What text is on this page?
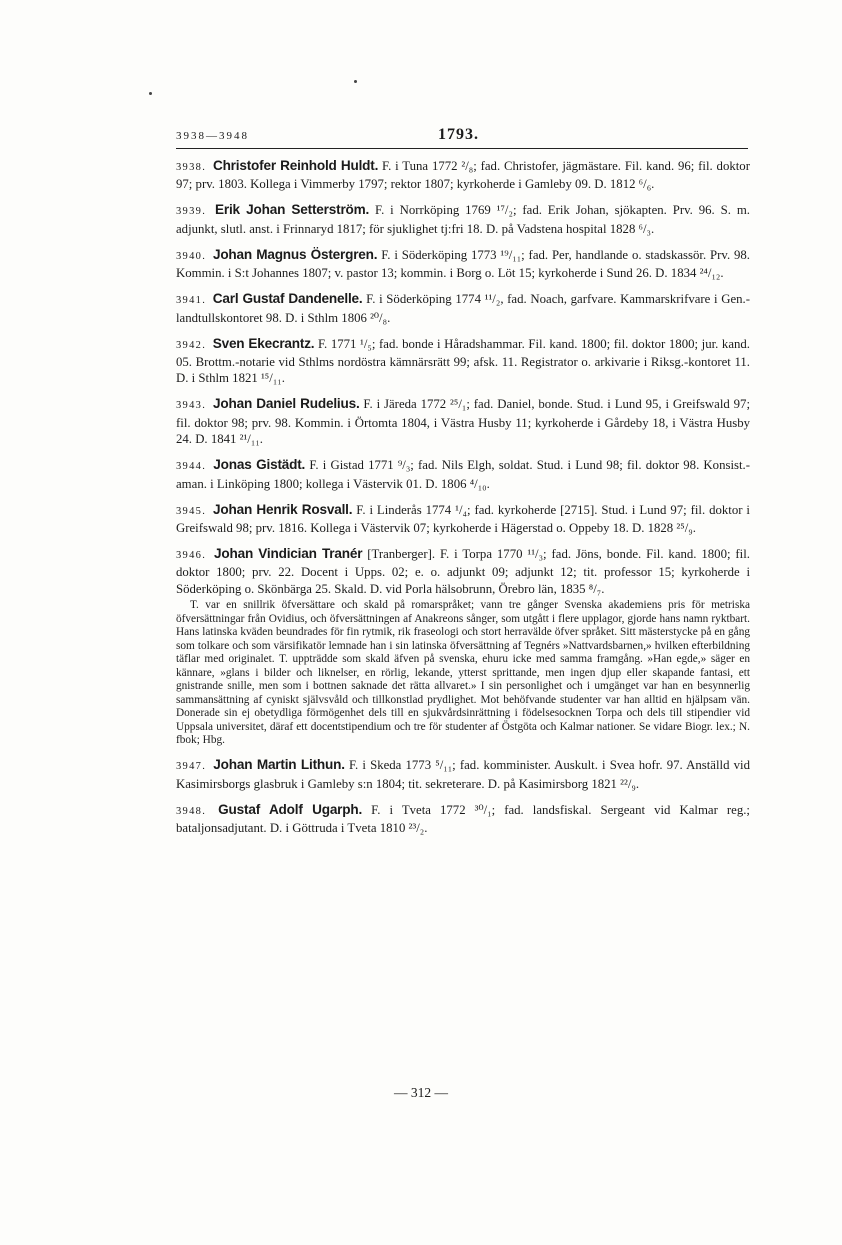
3938—3948	1793.

3938. Christofer Reinhold Huldt. F. i Tuna 1772 ²/₈; fad. Christofer, jägmästare. Fil. kand. 96; fil. doktor 97; prv. 1803. Kollega i Vimmerby 1797; rektor 1807; kyrkoherde i Gamleby 09. D. 1812 ⁶/₆.

3939. Erik Johan Setterström. F. i Norrköping 1769 ¹⁷/₂; fad. Erik Johan, sjökapten. Prv. 96. S. m. adjunkt, slutl. anst. i Frinnaryd 1817; för sjuklighet tj:fri 18. D. på Vadstena hospital 1828 ⁶/₃.

3940. Johan Magnus Östergren. F. i Söderköping 1773 ¹⁹/₁₁; fad. Per, handlande o. stadskassör. Prv. 98. Kommin. i S:t Johannes 1807; v. pastor 13; kommin. i Borg o. Löt 15; kyrkoherde i Sund 26. D. 1834 ²⁴/₁₂.

3941. Carl Gustaf Dandenelle. F. i Söderköping 1774 ¹¹/₂, fad. Noach, garfvare. Kammarskrifvare i Gen.-landtullskontoret 98. D. i Sthlm 1806 ²⁰/₈.

3942. Sven Ekecrantz. F. 1771 ¹/₅; fad. bonde i Håradshammar. Fil. kand. 1800; fil. doktor 1800; jur. kand. 05. Brottm.-notarie vid Sthlms nordöstra kämnärsrätt 99; afsk. 11. Registrator o. arkivarie i Riksg.-kontoret 11. D. i Sthlm 1821 ¹⁵/₁₁.

3943. Johan Daniel Rudelius. F. i Järeda 1772 ²⁵/₁; fad. Daniel, bonde. Stud. i Lund 95, i Greifswald 97; fil. doktor 98; prv. 98. Kommin. i Örtomta 1804, i Västra Husby 11; kyrkoherde i Gårdeby 18, i Västra Husby 24. D. 1841 ²¹/₁₁.

3944. Jonas Gistädt. F. i Gistad 1771 ⁹/₃; fad. Nils Elgh, soldat. Stud. i Lund 98; fil. doktor 98. Konsist.-aman. i Linköping 1800; kollega i Västervik 01. D. 1806 ⁴/₁₀.

3945. Johan Henrik Rosvall. F. i Linderås 1774 ¹/₄; fad. kyrkoherde [2715]. Stud. i Lund 97; fil. doktor i Greifswald 98; prv. 1816. Kollega i Västervik 07; kyrkoherde i Hägerstad o. Oppeby 18. D. 1828 ²⁵/₉.

3946. Johan Vindician Tranér [Tranberger]. F. i Torpa 1770 ¹¹/₃; fad. Jöns, bonde. Fil. kand. 1800; fil. doktor 1800; prv. 22. Docent i Upps. 02; e. o. adjunkt 09; adjunkt 12; tit. professor 15; kyrkoherde i Söderköping o. Skönbärga 25. Skald. D. vid Porla hälsobrunn, Örebro län, 1835 ⁸/₇.

T. var en snillrik öfversättare och skald på romarspråket; vann tre gånger Svenska akademiens pris för metriska öfversättningar från Ovidius, och öfversättningen af Anakreons sånger, som utgått i flere upplagor, gjorde hans namn ryktbart. Hans latinska kväden beundrades för fin rytmik, rik fraseologi och stort herravälde öfver språket. Sitt mästerstycke på en gång som tolkare och som värsifikatör lemnade han i sin latinska öfversättning af Tegnérs »Nattvardsbarnen,» hvilken efterbildning täflar med originalet. T. uppträdde som skald äfven på svenska, ehuru icke med samma framgång. »Han egde,» säger en kännare, »glans i bilder och liknelser, en rörlig, lekande, ytterst sprittande, men ingen djup eller skapande fantasi, ett gnistrande snille, men som i bottnen saknade det rätta allvaret.» I sin personlighet och i umgänget var han en besynnerlig sammansättning af cyniskt självsvåld och tillkonstlad prydlighet. Mot behöfvande studenter var han alltid en hjälpsam vän. Donerade sin ej obetydliga förmögenhet dels till en sjukvårdsinrättning i födelsesocknen Torpa och dels till stipendier vid Uppsala universitet, däraf ett docentstipendium och tre för studenter af Östgöta och Kalmar nationer. Se vidare Biogr. lex.; N. fbok; Hbg.

3947. Johan Martin Lithun. F. i Skeda 1773 ⁵/₁₁; fad. komminister. Auskult. i Svea hofr. 97. Anställd vid Kasimirsborgs glasbruk i Gamleby s:n 1804; tit. sekreterare. D. på Kasimirsborg 1821 ²²/₉.

3948. Gustaf Adolf Ugarph. F. i Tveta 1772 ³⁰/₁; fad. landsfiskal. Sergeant vid Kalmar reg.; bataljonsadjutant. D. i Göttruda i Tveta 1810 ²³/₂.

— 312 —
